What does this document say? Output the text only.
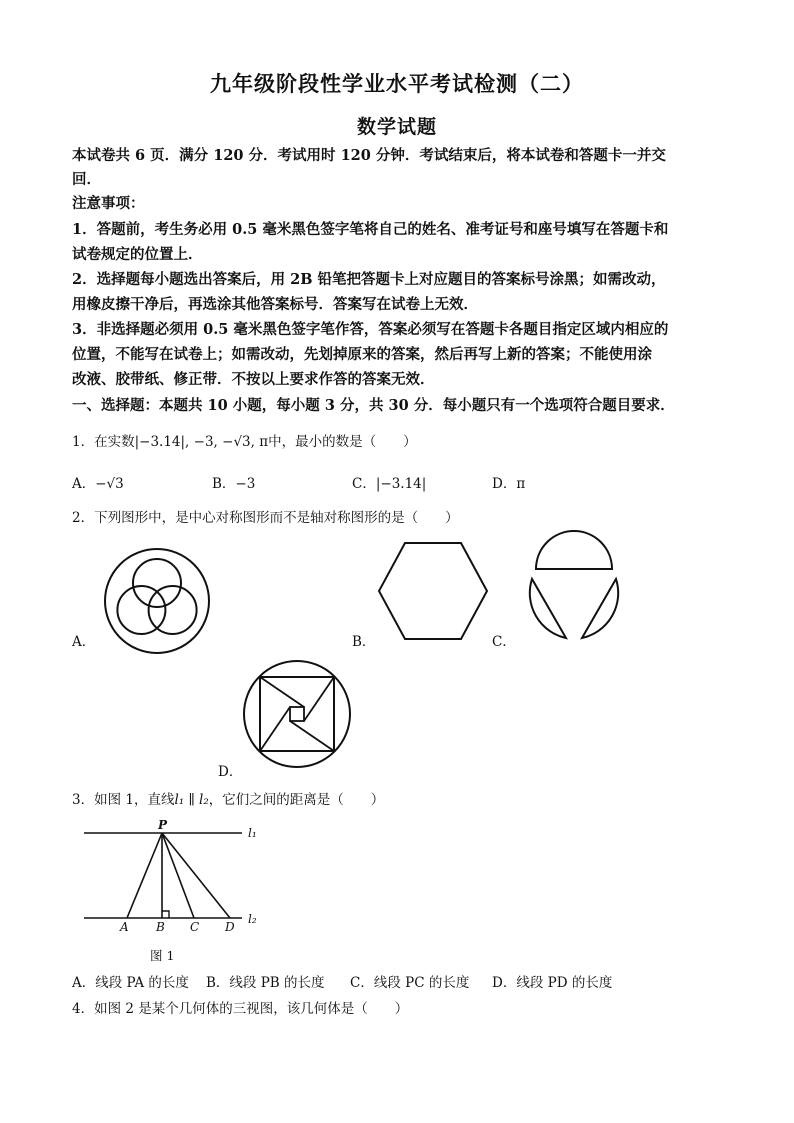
九年级阶段性学业水平考试检测（二）
数学试题
本试卷共 6 页．满分 120 分．考试用时 120 分钟．考试结束后，将本试卷和答题卡一并交
回．
注意事项：
1．答题前，考生务必用 0.5 毫米黑色签字笔将自己的姓名、准考证号和座号填写在答题卡和
试卷规定的位置上．
2．选择题每小题选出答案后，用 2B 铅笔把答题卡上对应题目的答案标号涂黑；如需改动，
用橡皮擦干净后，再选涂其他答案标号．答案写在试卷上无效．
3．非选择题必须用 0.5 毫米黑色签字笔作答，答案必须写在答题卡各题目指定区域内相应的
位置，不能写在试卷上；如需改动，先划掉原来的答案，然后再写上新的答案；不能使用涂
改液、胶带纸、修正带．不按以上要求作答的答案无效．
一、选择题：本题共 10 小题，每小题 3 分，共 30 分．每小题只有一个选项符合题目要求．
1．在实数|−3.14|, −3, −√3, π中，最小的数是（　　）
A．−√3	B．−3	C．|−3.14|	D．π
2．下列图形中，是中心对称图形而不是轴对称图形的是（　　）
A．	B．	C．
D．
3．如图 1，直线l₁ ∥ l₂，它们之间的距离是（　　）
P
l₁
l₂
A B C D
图 1
A．线段 PA 的长度 B．线段 PB 的长度 C．线段 PC 的长度 D．线段 PD 的长度
4．如图 2 是某个几何体的三视图，该几何体是（　　）
